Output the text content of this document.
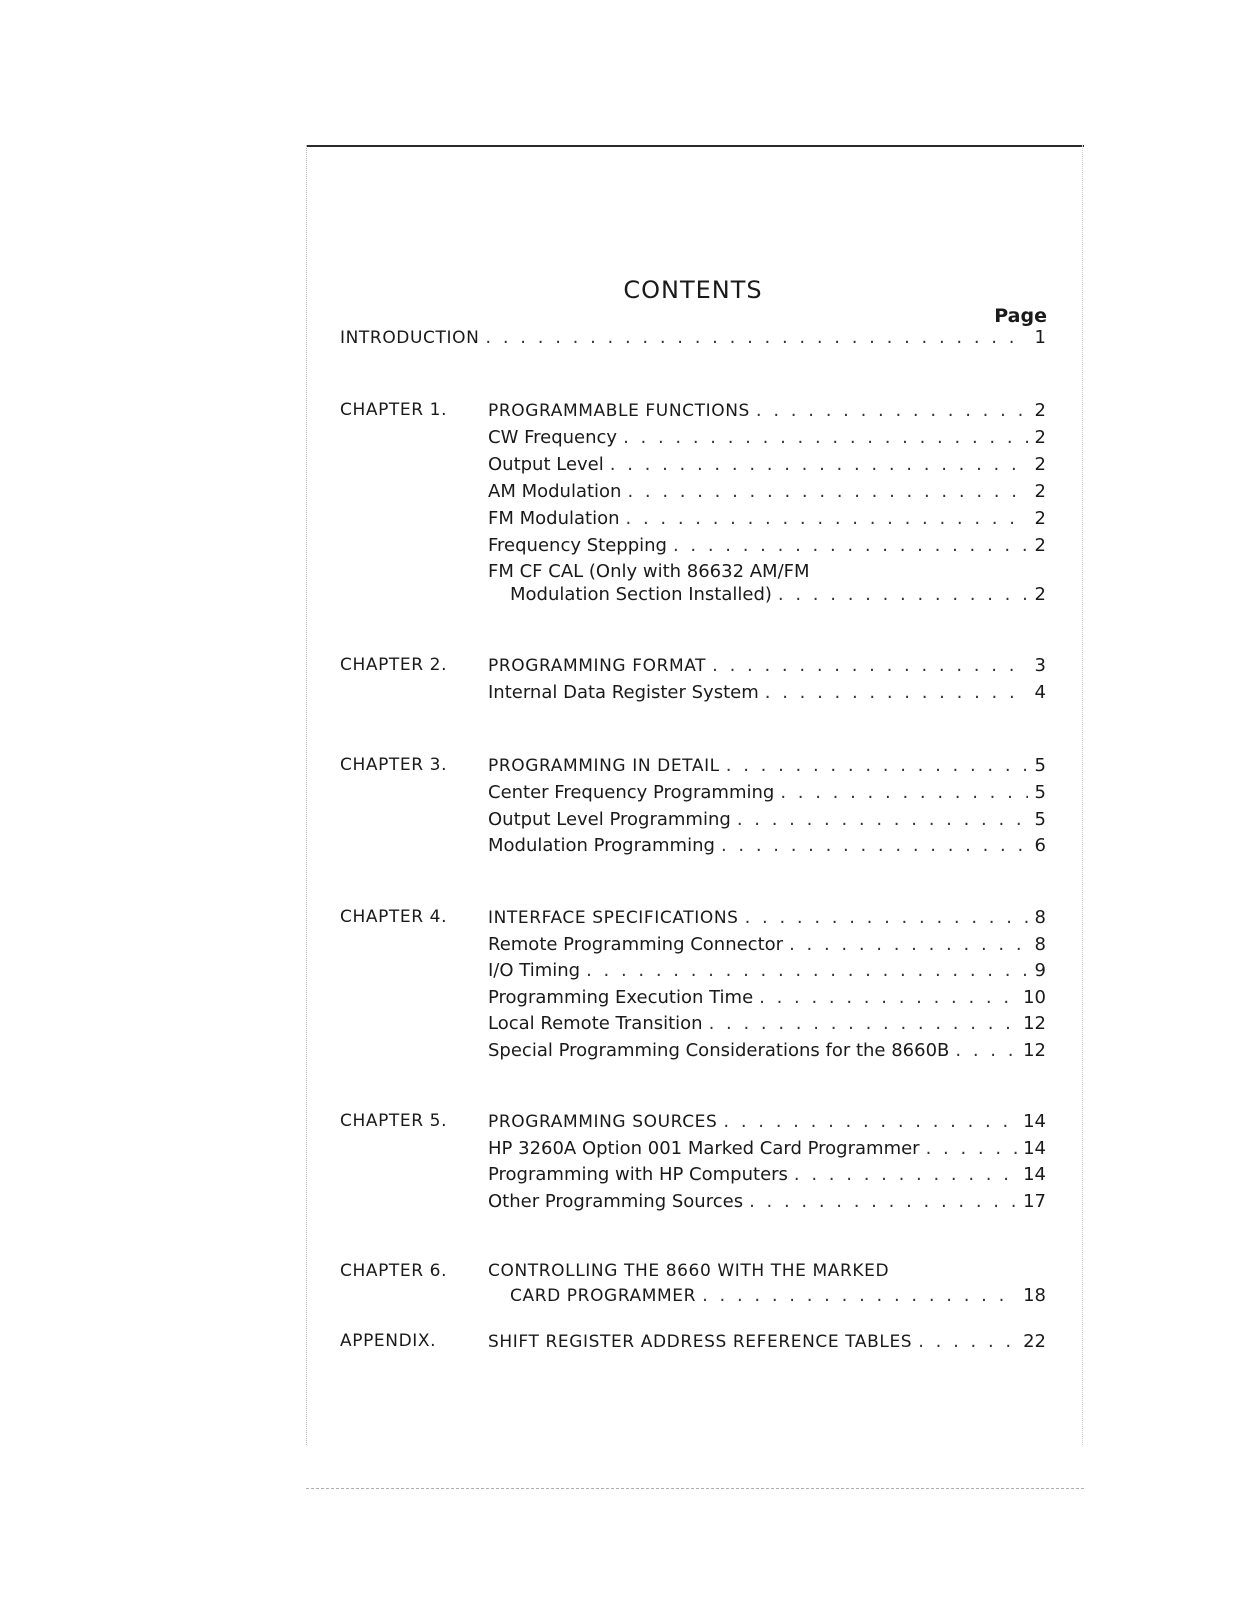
CONTENTS
Page
INTRODUCTION . . .	1
CHAPTER 1. PROGRAMMABLE FUNCTIONS . . .	2
CW Frequency . . .	2
Output Level . . .	2
AM Modulation . . .	2
FM Modulation . . .	2
Frequency Stepping . . .	2
FM CF CAL (Only with 86632 AM/FM
Modulation Section Installed) . . .	2
CHAPTER 2. PROGRAMMING FORMAT . . .	3
Internal Data Register System . . .	4
CHAPTER 3. PROGRAMMING IN DETAIL . . .	5
Center Frequency Programming . . .	5
Output Level Programming . . .	5
Modulation Programming . . .	6
CHAPTER 4. INTERFACE SPECIFICATIONS . . .	8
Remote Programming Connector . . .	8
I/O Timing . . .	9
Programming Execution Time . . .	10
Local Remote Transition . . .	12
Special Programming Considerations for the 8660B . . .	12
CHAPTER 5. PROGRAMMING SOURCES . . .	14
HP 3260A Option 001 Marked Card Programmer . . .	14
Programming with HP Computers . . .	14
Other Programming Sources . . .	17
CHAPTER 6. CONTROLLING THE 8660 WITH THE MARKED
CARD PROGRAMMER . . .	18
APPENDIX.	SHIFT REGISTER ADDRESS REFERENCE TABLES . . .	22
